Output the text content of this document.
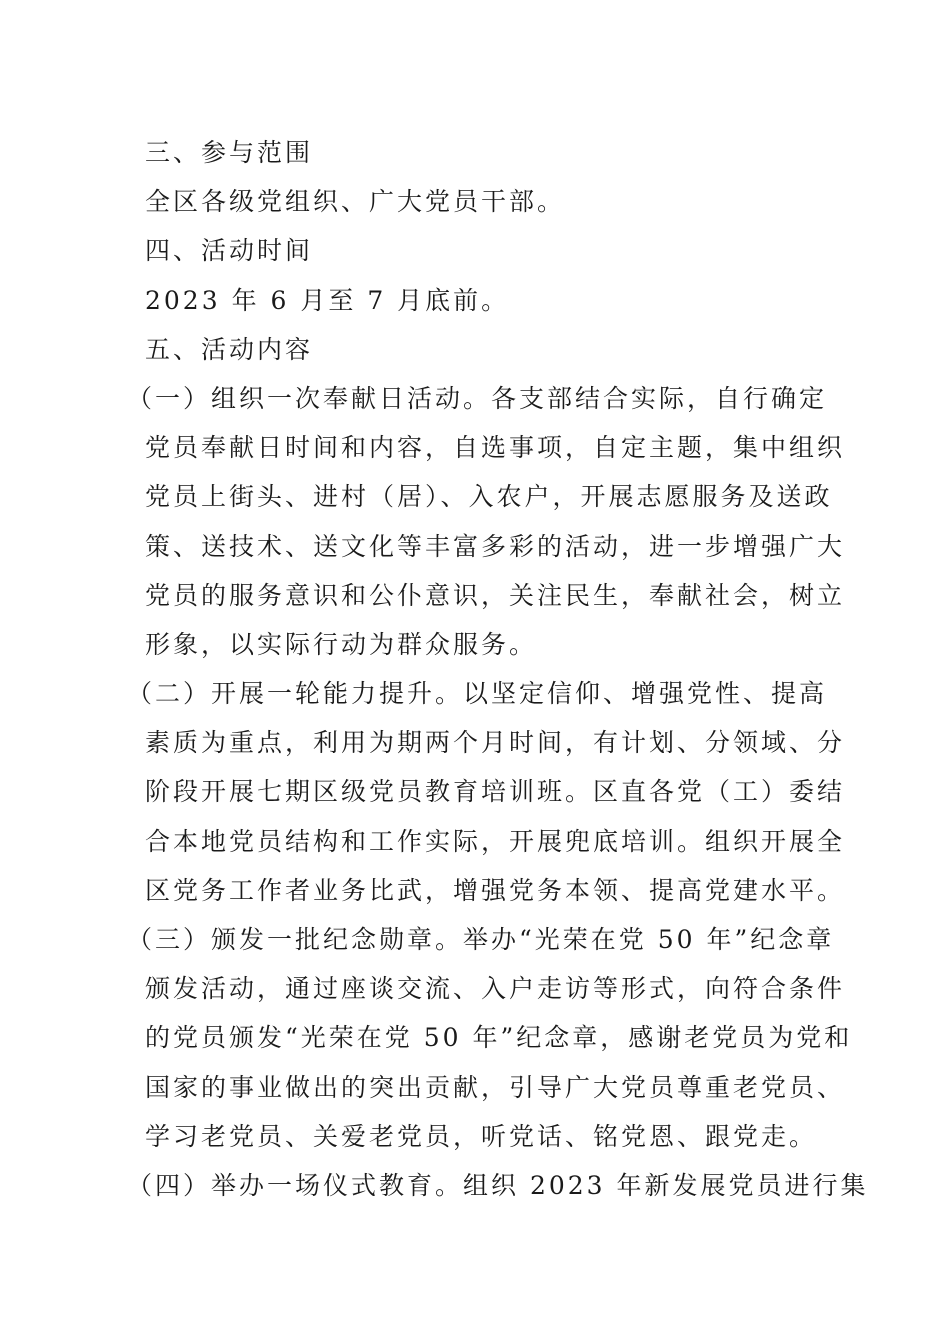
三、参与范围
全区各级党组织、广大党员干部。
四、活动时间
2023 年 6 月至 7 月底前。
五、活动内容
（一）组织一次奉献日活动。各支部结合实际，自行确定
党员奉献日时间和内容，自选事项，自定主题，集中组织
党员上街头、进村（居）、入农户，开展志愿服务及送政
策、送技术、送文化等丰富多彩的活动，进一步增强广大
党员的服务意识和公仆意识，关注民生，奉献社会，树立
形象，以实际行动为群众服务。
（二）开展一轮能力提升。以坚定信仰、增强党性、提高
素质为重点，利用为期两个月时间，有计划、分领域、分
阶段开展七期区级党员教育培训班。区直各党（工）委结
合本地党员结构和工作实际，开展兜底培训。组织开展全
区党务工作者业务比武，增强党务本领、提高党建水平。
（三）颁发一批纪念勋章。举办“光荣在党 50 年”纪念章
颁发活动，通过座谈交流、入户走访等形式，向符合条件
的党员颁发“光荣在党 50 年”纪念章，感谢老党员为党和
国家的事业做出的突出贡献，引导广大党员尊重老党员、
学习老党员、关爱老党员，听党话、铭党恩、跟党走。
（四）举办一场仪式教育。组织 2023 年新发展党员进行集
